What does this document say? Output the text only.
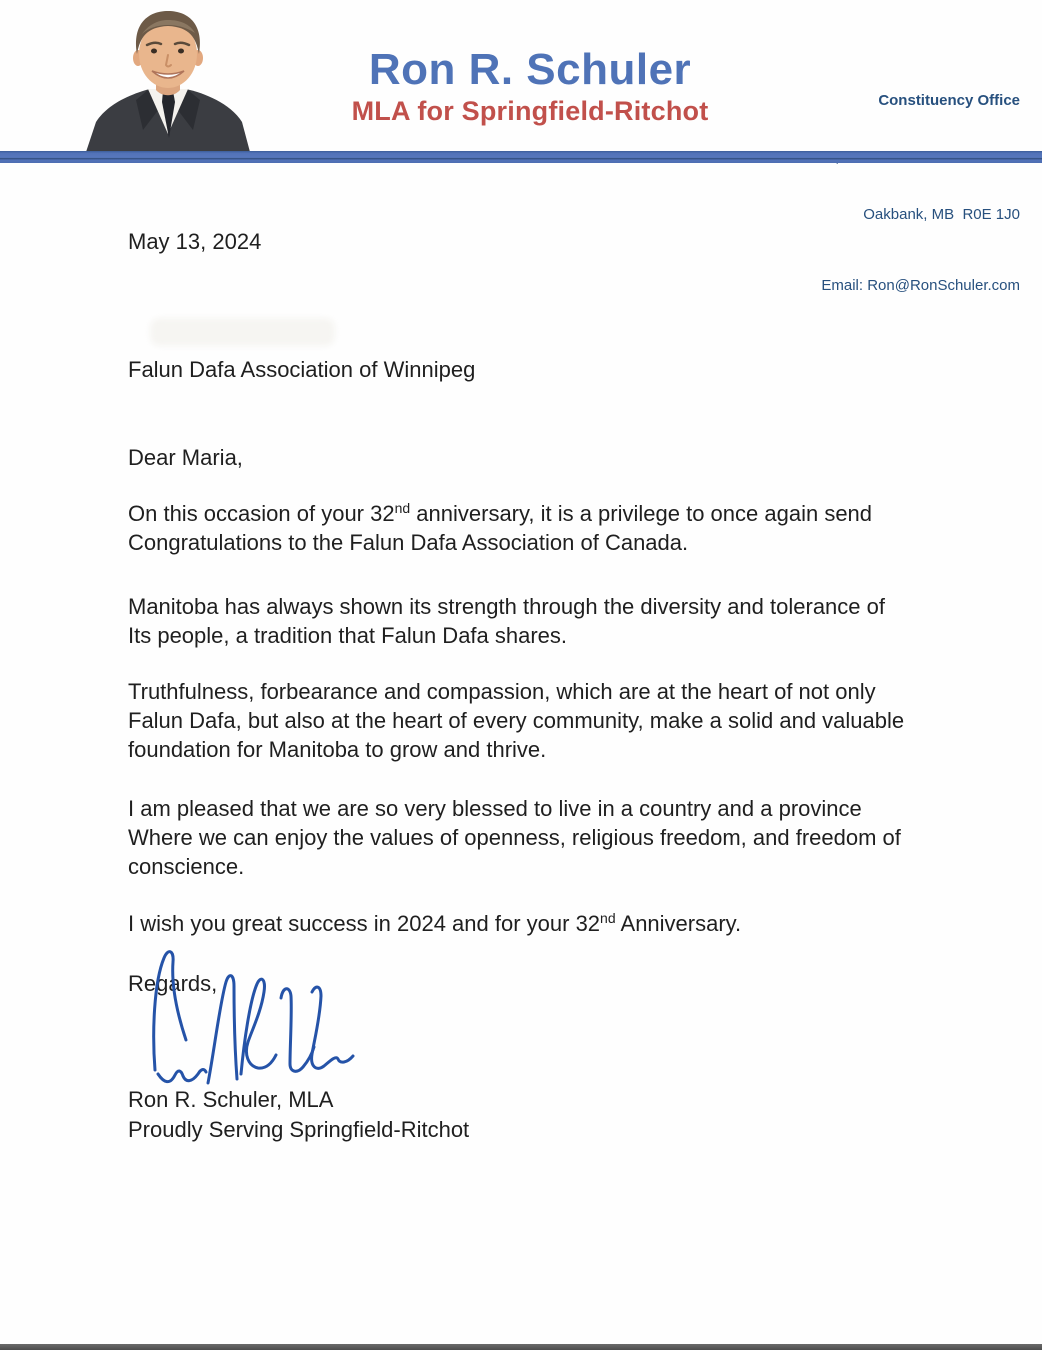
Ron R. Schuler
MLA for Springfield-Ritchot

	Constituency Office

Oakbank, MB  R0E 1J0

Email: Ron@RonSchuler.com

May 13, 2024
Falun Dafa Association of Winnipeg
Dear Maria,
On this occasion of your 32nd anniversary, it is a privilege to once again send
Congratulations to the Falun Dafa Association of Canada.
Manitoba has always shown its strength through the diversity and tolerance of
Its people, a tradition that Falun Dafa shares.
Truthfulness, forbearance and compassion, which are at the heart of not only
Falun Dafa, but also at the heart of every community, make a solid and valuable
foundation for Manitoba to grow and thrive.
I am pleased that we are so very blessed to live in a country and a province
Where we can enjoy the values of openness, religious freedom, and freedom of
conscience.
I wish you great success in 2024 and for your 32nd Anniversary.
Regards,
Ron R. Schuler, MLA
Proudly Serving Springfield-Ritchot
